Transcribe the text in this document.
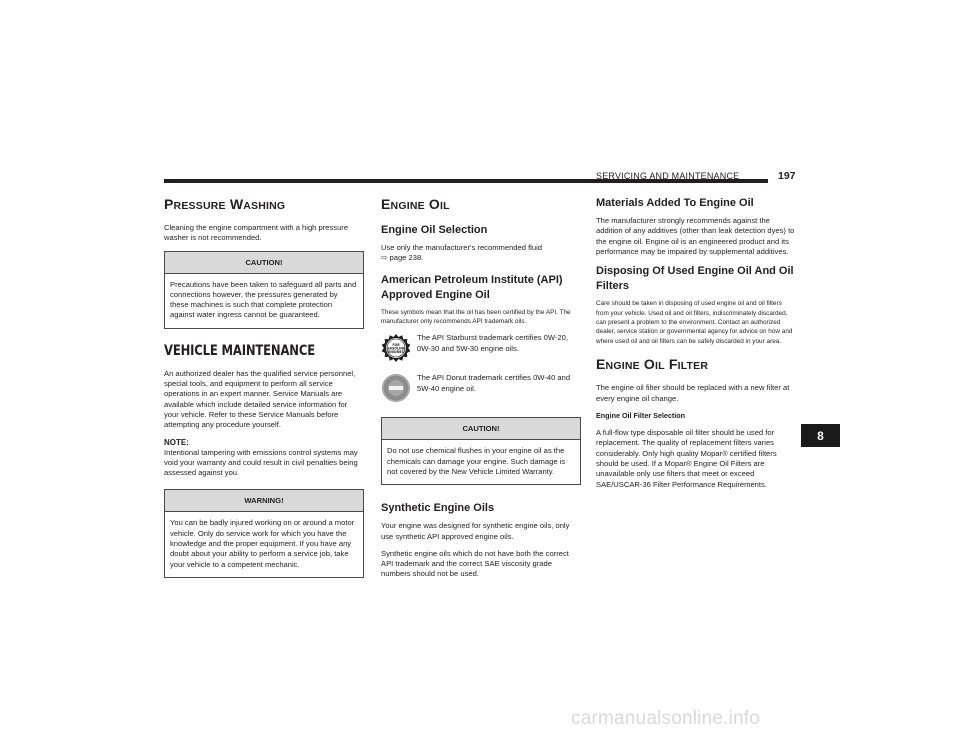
SERVICING AND MAINTENANCE	197
PRESSURE WASHING

Cleaning the engine compartment with a high pressure washer is not recommended.

CAUTION!

Precautions have been taken to safeguard all parts and connections however, the pressures generated by these machines is such that complete protection against water ingress cannot be guaranteed.

VEHICLE MAINTENANCE

An authorized dealer has the qualified service personnel, special tools, and equipment to perform all service operations in an expert manner. Service Manuals are available which include detailed service information for your vehicle. Refer to these Service Manuals before attempting any procedure yourself.

NOTE:

Intentional tampering with emissions control systems may void your warranty and could result in civil penalties being assessed against you.

WARNING!

You can be badly injured working on or around a motor vehicle. Only do service work for which you have the knowledge and the proper equipment. If you have any doubt about your ability to perform a service job, take your vehicle to a competent mechanic.

ENGINE OIL
Engine Oil Selection

Use only the manufacturer's recommended fluid
⇨ page 238.

American Petroleum Institute (API) Approved Engine Oil

These symbols mean that the oil has been certified by the API. The manufacturer only recommends API trademark oils.

FOR
GASOLINE
ENGINES
The API Starburst trademark certifies 0W-20, 0W-30 and 5W-30 engine oils.
The API Donut trademark certifies 0W-40 and 5W-40 engine oil.
CAUTION!

Do not use chemical flushes in your engine oil as the chemicals can damage your engine. Such damage is not covered by the New Vehicle Limited Warranty.

Synthetic Engine Oils

Your engine was designed for synthetic engine oils, only use synthetic API approved engine oils.

Synthetic engine oils which do not have both the correct API trademark and the correct SAE viscosity grade numbers should not be used.

Materials Added To Engine Oil

The manufacturer strongly recommends against the addition of any additives (other than leak detection dyes) to the engine oil. Engine oil is an engineered product and its performance may be impaired by supplemental additives.

Disposing Of Used Engine Oil And Oil Filters

Care should be taken in disposing of used engine oil and oil filters from your vehicle. Used oil and oil filters, indiscriminately discarded, can present a problem to the environment. Contact an authorized dealer, service station or governmental agency for advice on how and where used oil and oil filters can be safely discarded in your area.

ENGINE OIL FILTER

The engine oil filter should be replaced with a new filter at every engine oil change.

Engine Oil Filter Selection

A full-flow type disposable oil filter should be used for replacement. The quality of replacement filters varies considerably. Only high quality Mopar® certified filters should be used. If a Mopar® Engine Oil Filters are unavailable only use filters that meet or exceed SAE/USCAR-36 Filter Performance Requirements.

8
carmanualsonline.info
